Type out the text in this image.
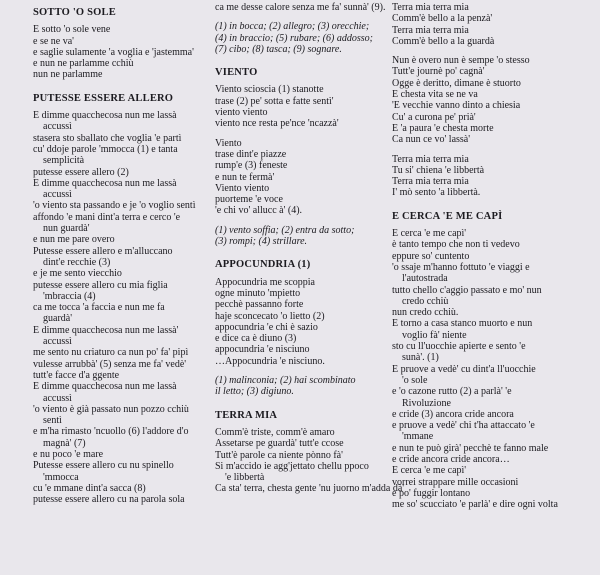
SOTTO 'O SOLE
E sotto 'o sole vene
e se ne va'
e saglie sulamente 'a voglia e 'jastemma'
e nun ne parlamme cchiù
nun ne parlamme
PUTESSE ESSERE ALLERO
E dimme quacchecosa nun me lassà
accussì
stasera sto sballato che voglia 'e partì
cu' ddoje parole 'mmocca (1) e tanta
semplicità
putesse essere allero (2)
E dimme quacchecosa nun me lassà
accussì
'o viento sta passando e je 'o voglio sentì
affondo 'e mani dint'a terra e cerco 'e
nun guardà'
e nun me pare overo
Putesse essere allero e m'alluccano
dint'e recchie (3)
e je me sento viecchio
putesse essere allero cu mia figlia
'mbraccia (4)
ca me tocca 'a faccia e nun me fa
guardà'
E dimme quacchecosa nun me lassà'
accussì
me sento nu criaturo ca nun po' fa' pipì
vulesse arrubbà' (5) senza me fa' vedè'
tutt'e facce d'a ggente
E dimme quacchecosa nun me lassà
accussì
'o viento è già passato nun pozzo cchiù
sentì
e m'ha rimasto 'ncuollo (6) l'addore d'o
magnà' (7)
e nu poco 'e mare
Putesse essere allero cu nu spinello
'mmocca
cu 'e mmane dint'a sacca (8)
putesse essere allero cu na parola sola
ca me desse calore senza me fa' sunnà' (9).
(1) in bocca; (2) allegro; (3) orecchie;
(4) in braccio; (5) rubare; (6) addosso;
(7) cibo; (8) tasca; (9) sognare.
VIENTO
Viento sciosciа (1) stanotte
trase (2) pe' sotta e fatte sentì'
viento viento
viento nce resta pe'nce 'ncazzà'
Viento
trase dint'e piazze
rump'e (3) feneste
e nun te fermà'
Viento viento
puorteme 'e voce
'e chi vo' allucc à' (4).
(1) vento soffia; (2) entra da sotto;
(3) rompi; (4) strillare.
APPOCUNDRIA (1)
Appocundria me scoppia
ogne minuto 'mpietto
pecchè passanno forte
haje sconcecato 'o lietto (2)
appocundria 'e chi è sazio
e dice ca è diuno (3)
appocundria 'e nisciuno
…Appocundria 'e nisciuno.
(1) malinconia; (2) hai scombinato
il letto; (3) digiuno.
TERRA MIA
Comm'è triste, comm'è amaro
Assetarse pe guardà' tutt'e ccose
Tutt'è parole ca niente pònno fà'
Si m'accido ie agg'jettato chellu ppoco
'e libbertà
Ca sta' terra, chesta gente 'nu juorno m'adda dà'
Terra mia terra mia
Comm'è bello a la penzà'
Terra mia terra mia
Comm'è bello a la guardà
Nun è overo nun è sempe 'o stesso
Tutt'e journè po' cagnà'
Ogge è deritto, dimane è stuorto
E chesta vita se ne va
'E vecchie vanno dinto a chiesia
Cu' a curona pe' prià'
E 'a paura 'e chesta morte
Ca nun ce vo' lassà'
Terra mia terra mia
Tu si' chiena 'e libbertà
Terra mia terra mia
I' mò sento 'a libbertà.
E CERCA 'E ME CAPÌ
E cerca 'e me capì'
è tanto tempo che non ti vedevo
eppure so' cuntento
'o ssaje m'hanno fottuto 'e viaggi e
l'autostrada
tutto chello c'aggio passato e mo' nun
credo cchiù
nun credo cchiù.
E torno a casa stanco muorto e nun
voglio fà' niente
sto cu ll'uocchie apierte e sento 'e
sunà'. (1)
E pruove a vedè' cu dint'a ll'uocchie
'o sole
e 'o cazone rutto (2) a parlà' 'e
Rivoluzione
e cride (3) ancora cride ancora
e pruove a vedè' chi t'ha attaccato 'e
'mmane
e nun te può girà' pecchè te fanno male
e cride ancora cride ancora…
E cerca 'e me capì'
vorrei strappare mille occasioni
e po' fuggir lontano
me so' scucciato 'e parlà' e dire ogni volta
